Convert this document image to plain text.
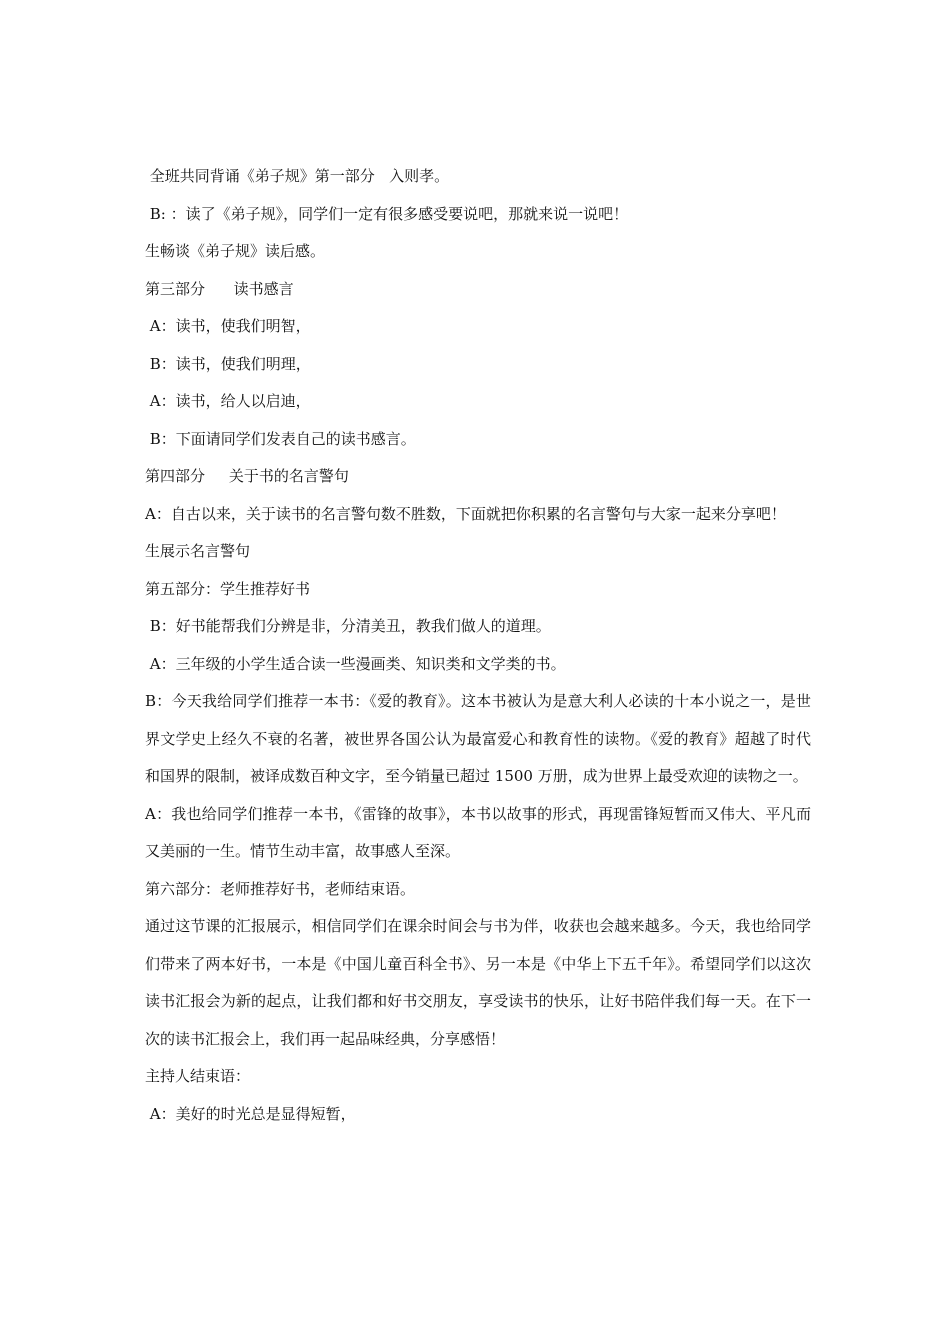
全班共同背诵《弟子规》第一部分   入则孝。
B: ：读了《弟子规》，同学们一定有很多感受要说吧，那就来说一说吧！
生畅谈《弟子规》读后感。
第三部分      读书感言
A：读书，使我们明智，
B：读书，使我们明理，
A：读书，给人以启迪，
B：下面请同学们发表自己的读书感言。
第四部分     关于书的名言警句
A：自古以来，关于读书的名言警句数不胜数，下面就把你积累的名言警句与大家一起来分享吧！
生展示名言警句
第五部分：学生推荐好书
B：好书能帮我们分辨是非，分清美丑，教我们做人的道理。
A：三年级的小学生适合读一些漫画类、知识类和文学类的书。
B：今天我给同学们推荐一本书：《爱的教育》。这本书被认为是意大利人必读的十本小说之一，是世界文学史上经久不衰的名著，被世界各国公认为最富爱心和教育性的读物。《爱的教育》超越了时代和国界的限制，被译成数百种文字，至今销量已超过 1500 万册，成为世界上最受欢迎的读物之一。
A：我也给同学们推荐一本书，《雷锋的故事》，本书以故事的形式，再现雷锋短暂而又伟大、平凡而又美丽的一生。情节生动丰富，故事感人至深。
第六部分：老师推荐好书，老师结束语。
通过这节课的汇报展示，相信同学们在课余时间会与书为伴，收获也会越来越多。今天，我也给同学们带来了两本好书，一本是《中国儿童百科全书》、另一本是《中华上下五千年》。希望同学们以这次读书汇报会为新的起点，让我们都和好书交朋友，享受读书的快乐，让好书陪伴我们每一天。在下一次的读书汇报会上，我们再一起品味经典，分享感悟！
主持人结束语：
A：美好的时光总是显得短暂，
